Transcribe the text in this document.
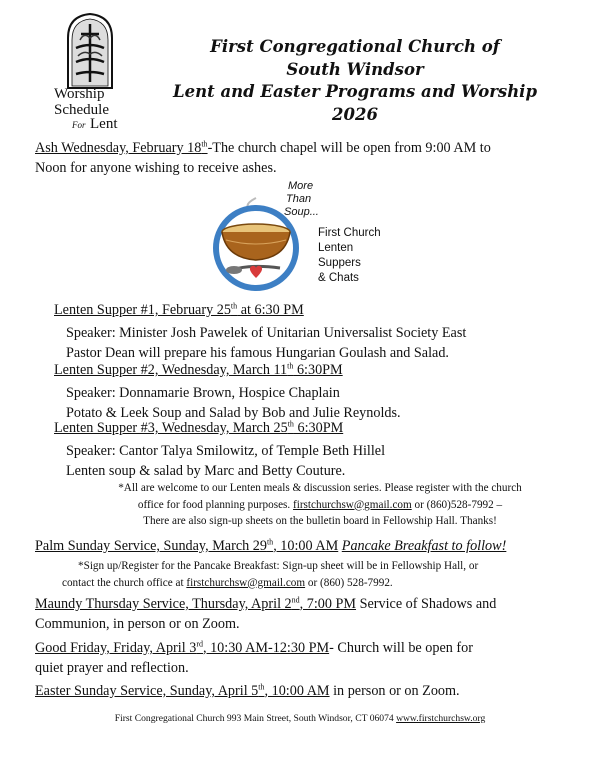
Worship
Schedule
For Lent
First Congregational Church of
South Windsor
Lent and Easter Programs and Worship
2026

Ash Wednesday, February 18th-The church chapel will be open from 9:00 AM to

Noon for anyone wishing to receive ashes.

More
Than
Soup...
First Church
Lenten
Suppers
& Chats

Lenten Supper #1, February 25th at 6:30 PM

Speaker: Minister Josh Pawelek of Unitarian Universalist Society East

Pastor Dean will prepare his famous Hungarian Goulash and Salad.

Lenten Supper #2, Wednesday, March 11th 6:30PM

Speaker: Donnamarie Brown, Hospice Chaplain

Potato & Leek Soup and Salad by Bob and Julie Reynolds.

Lenten Supper #3, Wednesday, March 25th 6:30PM

Speaker: Cantor Talya Smilowitz, of Temple Beth Hillel

Lenten soup & salad by Marc and Betty Couture.

*All are welcome to our Lenten meals & discussion series. Please register with the church

office for food planning purposes. firstchurchsw@gmail.com or (860)528-7992 –

There are also sign-up sheets on the bulletin board in Fellowship Hall. Thanks!

Palm Sunday Service, Sunday, March 29th, 10:00 AM Pancake Breakfast to follow!

*Sign up/Register for the Pancake Breakfast: Sign-up sheet will be in Fellowship Hall, or

contact the church office at firstchurchsw@gmail.com or (860) 528-7992.

Maundy Thursday Service, Thursday, April 2nd, 7:00 PM Service of Shadows and

Communion, in person or on Zoom.

Good Friday, Friday, April 3rd, 10:30 AM-12:30 PM- Church will be open for

quiet prayer and reflection.

Easter Sunday Service, Sunday, April 5th, 10:00 AM in person or on Zoom.

First Congregational Church 993 Main Street, South Windsor, CT 06074 www.firstchurchsw.org
